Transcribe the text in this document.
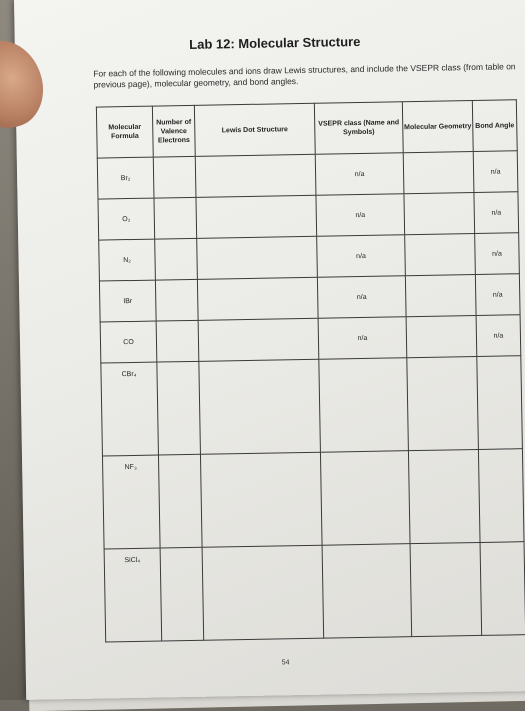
Lab 12: Molecular Structure
For each of the following molecules and ions draw Lewis structures, and include the VSEPR class (from table on previous page), molecular geometry, and bond angles.
Molecular Formula	Number of Valence Electrons	Lewis Dot Structure	VSEPR class (Name and Symbols)	Molecular Geometry	Bond Angle
Br₂			n/a		n/a
O₂			n/a		n/a
N₂			n/a		n/a
IBr			n/a		n/a
CO			n/a		n/a
CBr₄					
NF₃					
SiCl₄					
54
